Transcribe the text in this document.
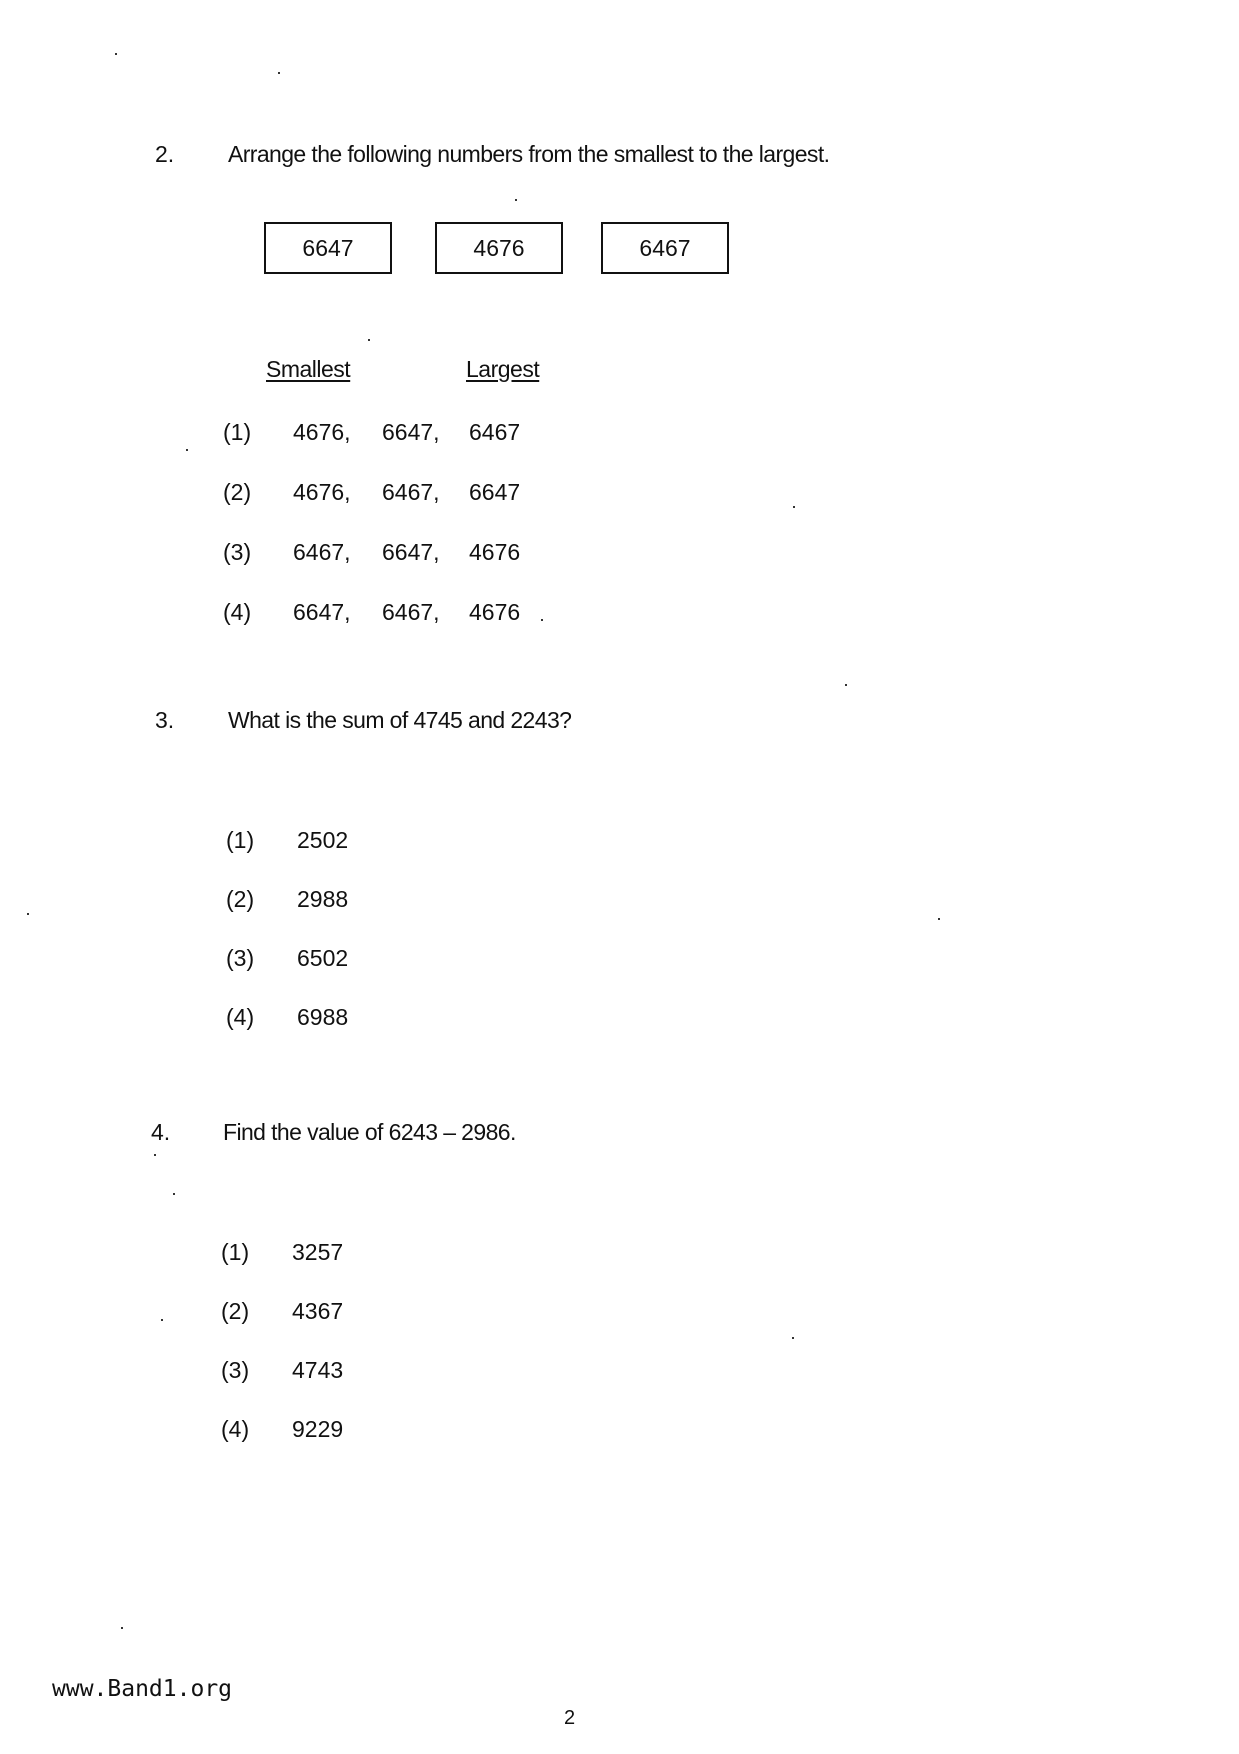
2. Arrange the following numbers from the smallest to the largest.
6647	4676	6467
Smallest	Largest
(1) 4676, 6647, 6467
(2) 4676, 6467, 6647
(3) 6467, 6647, 4676
(4) 6647, 6467, 4676
3. What is the sum of 4745 and 2243?
(1) 2502
(2) 2988
(3) 6502
(4) 6988
4. Find the value of 6243 – 2986.
(1) 3257
(2) 4367
(3) 4743
(4) 9229
www.Band1.org
2
